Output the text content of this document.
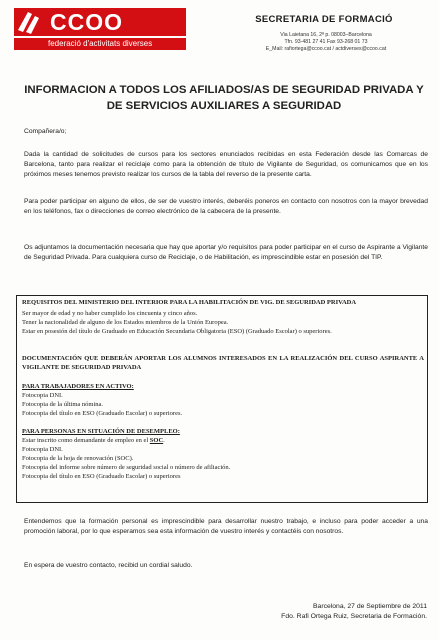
CCOO
federació d'activitats diverses
SECRETARIA DE FORMACIÓ
Via Laietana 16, 2ª p. 08003–Barcelona
Tfn. 93-481 27 41 Fax 93-268 01 73
E_Mail: rafiortega@ccoo.cat / actdiverses@ccoo.cat
INFORMACION A TODOS LOS AFILIADOS/AS DE SEGURIDAD PRIVADA Y DE SERVICIOS AUXILIARES A SEGURIDAD
Compañera/o;
Dada la cantidad de solicitudes de cursos para los sectores enunciados recibidas en esta Federación desde las Comarcas de Barcelona, tanto para realizar el reciclaje como para la obtención de título de Vigilante de Seguridad, os comunicamos que en los próximos meses tenemos previsto realizar los cursos de la tabla del reverso de la presente carta.
Para poder participar en alguno de ellos, de ser de vuestro interés, deberéis poneros en contacto con nosotros con la mayor brevedad en los teléfonos, fax o direcciones de correo electrónico de la cabecera de la presente.
Os adjuntamos la documentación necesaria que hay que aportar y/o requisitos para poder participar en el curso de Aspirante a Vigilante de Seguridad Privada. Para cualquiera curso de Reciclaje, o de Habilitación, es imprescindible estar en posesión del TIP.
REQUISITOS DEL MINISTERIO DEL INTERIOR PARA LA HABILITACIÓN DE VIG. DE SEGURIDAD PRIVADA
Ser mayor de edad y no haber cumplido los cincuenta y cinco años.
Tener la nacionalidad de alguno de los Estados miembros de la Unión Europea.
Estar en posesión del título de Graduado en Educación Secundaria Obligatoria (ESO) (Graduado Escolar) o superiores.
DOCUMENTACIÓN QUE DEBERÁN APORTAR LOS ALUMNOS INTERESADOS EN LA REALIZACIÓN DEL CURSO ASPIRANTE A VIGILANTE DE SEGURIDAD PRIVADA
PARA TRABAJADORES EN ACTIVO:
Fotocopia DNI.
Fotocopia de la última nómina.
Fotocopia del título en ESO (Graduado Escolar) o superiores.
PARA PERSONAS EN SITUACIÓN DE DESEMPLEO:
Estar inscrito como demandante de empleo en el SOC.
Fotocopia DNI.
Fotocopia de la hoja de renovación (SOC).
Fotocopia del informe sobre número de seguridad social o número de afiliación.
Fotocopia del título en ESO (Graduado Escolar) o superiores
Entendemos que la formación personal es imprescindible para desarrollar nuestro trabajo, e incluso para poder acceder a una promoción laboral, por lo que esperamos sea esta información de vuestro interés y contactéis con nosotros.
En espera de vuestro contacto, recibid un cordial saludo.
Barcelona, 27 de Septiembre de 2011
Fdo. Rafi Ortega Ruiz, Secretaria de Formación.
